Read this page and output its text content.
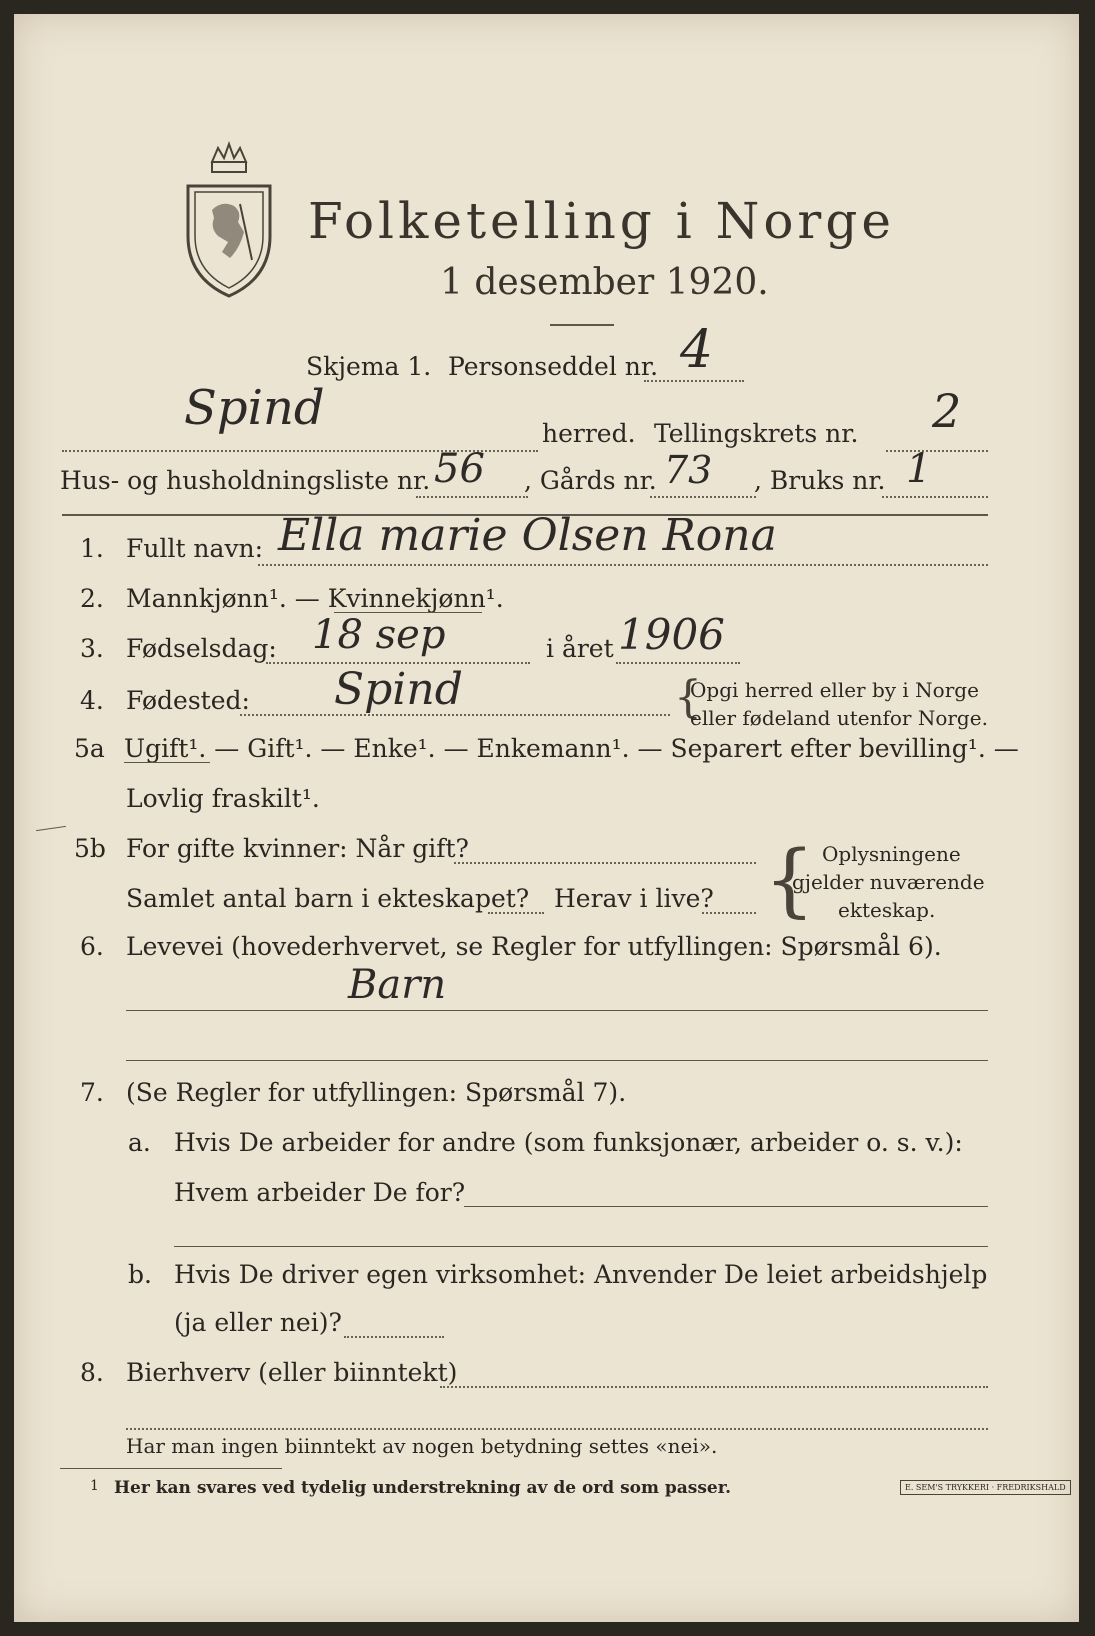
Folketelling i Norge
1 desember 1920.
Skjema 1. Personseddel nr. 4
Spind	herred. Tellingskrets nr. 2
Hus- og husholdningsliste nr. 56 , Gårds nr. 73 , Bruks nr. 1
1. Fullt navn: Ella marie Olsen Rona
2. Mannkjønn¹. — Kvinnekjønn¹.
3. Fødselsdag: 18 sep	i året 1906
4. Fødested: Spind	{
Opgi herred eller by i Norge
eller fødeland utenfor Norge.
5a Ugift¹. — Gift¹. — Enke¹. — Enkemann¹. — Separert efter bevilling¹. —
Lovlig fraskilt¹.
5b For gifte kvinner: Når gift?
Samlet antal barn i ekteskapet? Herav i live? { Oplysningene
gjelder nuværende
ekteskap.
6. Levevei (hovederhvervet, se Regler for utfyllingen: Spørsmål 6).
Barn
7. (Se Regler for utfyllingen: Spørsmål 7).
a. Hvis De arbeider for andre (som funksjonær, arbeider o. s. v.):
Hvem arbeider De for?
b. Hvis De driver egen virksomhet: Anvender De leiet arbeidshjelp
(ja eller nei)?
8. Bierhverv (eller biinntekt)
Har man ingen biinntekt av nogen betydning settes «nei».
1 Her kan svares ved tydelig understrekning av de ord som passer.	E. SEM'S TRYKKERI · FREDRIKSHALD
